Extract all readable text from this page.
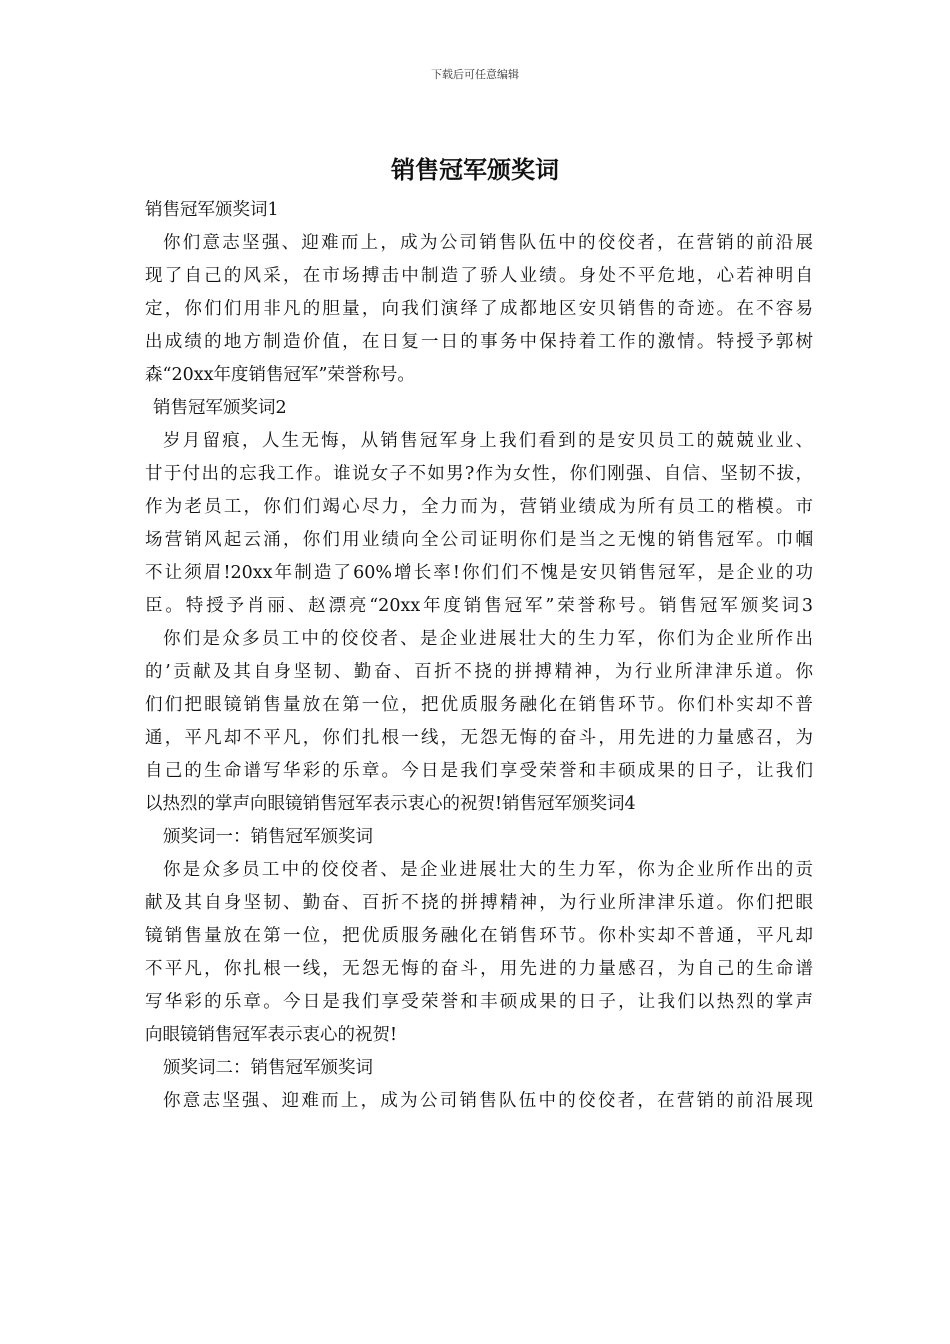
下载后可任意编辑
销售冠军颁奖词
销售冠军颁奖词1
你们意志坚强、迎难而上，成为公司销售队伍中的佼佼者，在营销的前沿展
现了自己的风采，在市场搏击中制造了骄人业绩。身处不平危地，心若神明自
定，你们们用非凡的胆量，向我们演绎了成都地区安贝销售的奇迹。在不容易
出成绩的地方制造价值，在日复一日的事务中保持着工作的激情。特授予郭树
森“20xx年度销售冠军”荣誉称号。
销售冠军颁奖词2
岁月留痕，人生无悔，从销售冠军身上我们看到的是安贝员工的兢兢业业、
甘于付出的忘我工作。谁说女子不如男?作为女性，你们刚强、自信、坚韧不拔，
作为老员工，你们们竭心尽力，全力而为，营销业绩成为所有员工的楷模。市
场营销风起云涌，你们用业绩向全公司证明你们是当之无愧的销售冠军。巾帼
不让须眉!20xx年制造了60%增长率!你们们不愧是安贝销售冠军，是企业的功
臣。特授予肖丽、赵漂亮“20xx年度销售冠军”荣誉称号。销售冠军颁奖词3
你们是众多员工中的佼佼者、是企业进展壮大的生力军，你们为企业所作出
的’贡献及其自身坚韧、勤奋、百折不挠的拼搏精神，为行业所津津乐道。你
们们把眼镜销售量放在第一位，把优质服务融化在销售环节。你们朴实却不普
通，平凡却不平凡，你们扎根一线，无怨无悔的奋斗，用先进的力量感召，为
自己的生命谱写华彩的乐章。今日是我们享受荣誉和丰硕成果的日子，让我们
以热烈的掌声向眼镜销售冠军表示衷心的祝贺!销售冠军颁奖词4
颁奖词一：销售冠军颁奖词
你是众多员工中的佼佼者、是企业进展壮大的生力军，你为企业所作出的贡
献及其自身坚韧、勤奋、百折不挠的拼搏精神，为行业所津津乐道。你们把眼
镜销售量放在第一位，把优质服务融化在销售环节。你朴实却不普通，平凡却
不平凡，你扎根一线，无怨无悔的奋斗，用先进的力量感召，为自己的生命谱
写华彩的乐章。今日是我们享受荣誉和丰硕成果的日子，让我们以热烈的掌声
向眼镜销售冠军表示衷心的祝贺!
颁奖词二：销售冠军颁奖词
你意志坚强、迎难而上，成为公司销售队伍中的佼佼者，在营销的前沿展现
